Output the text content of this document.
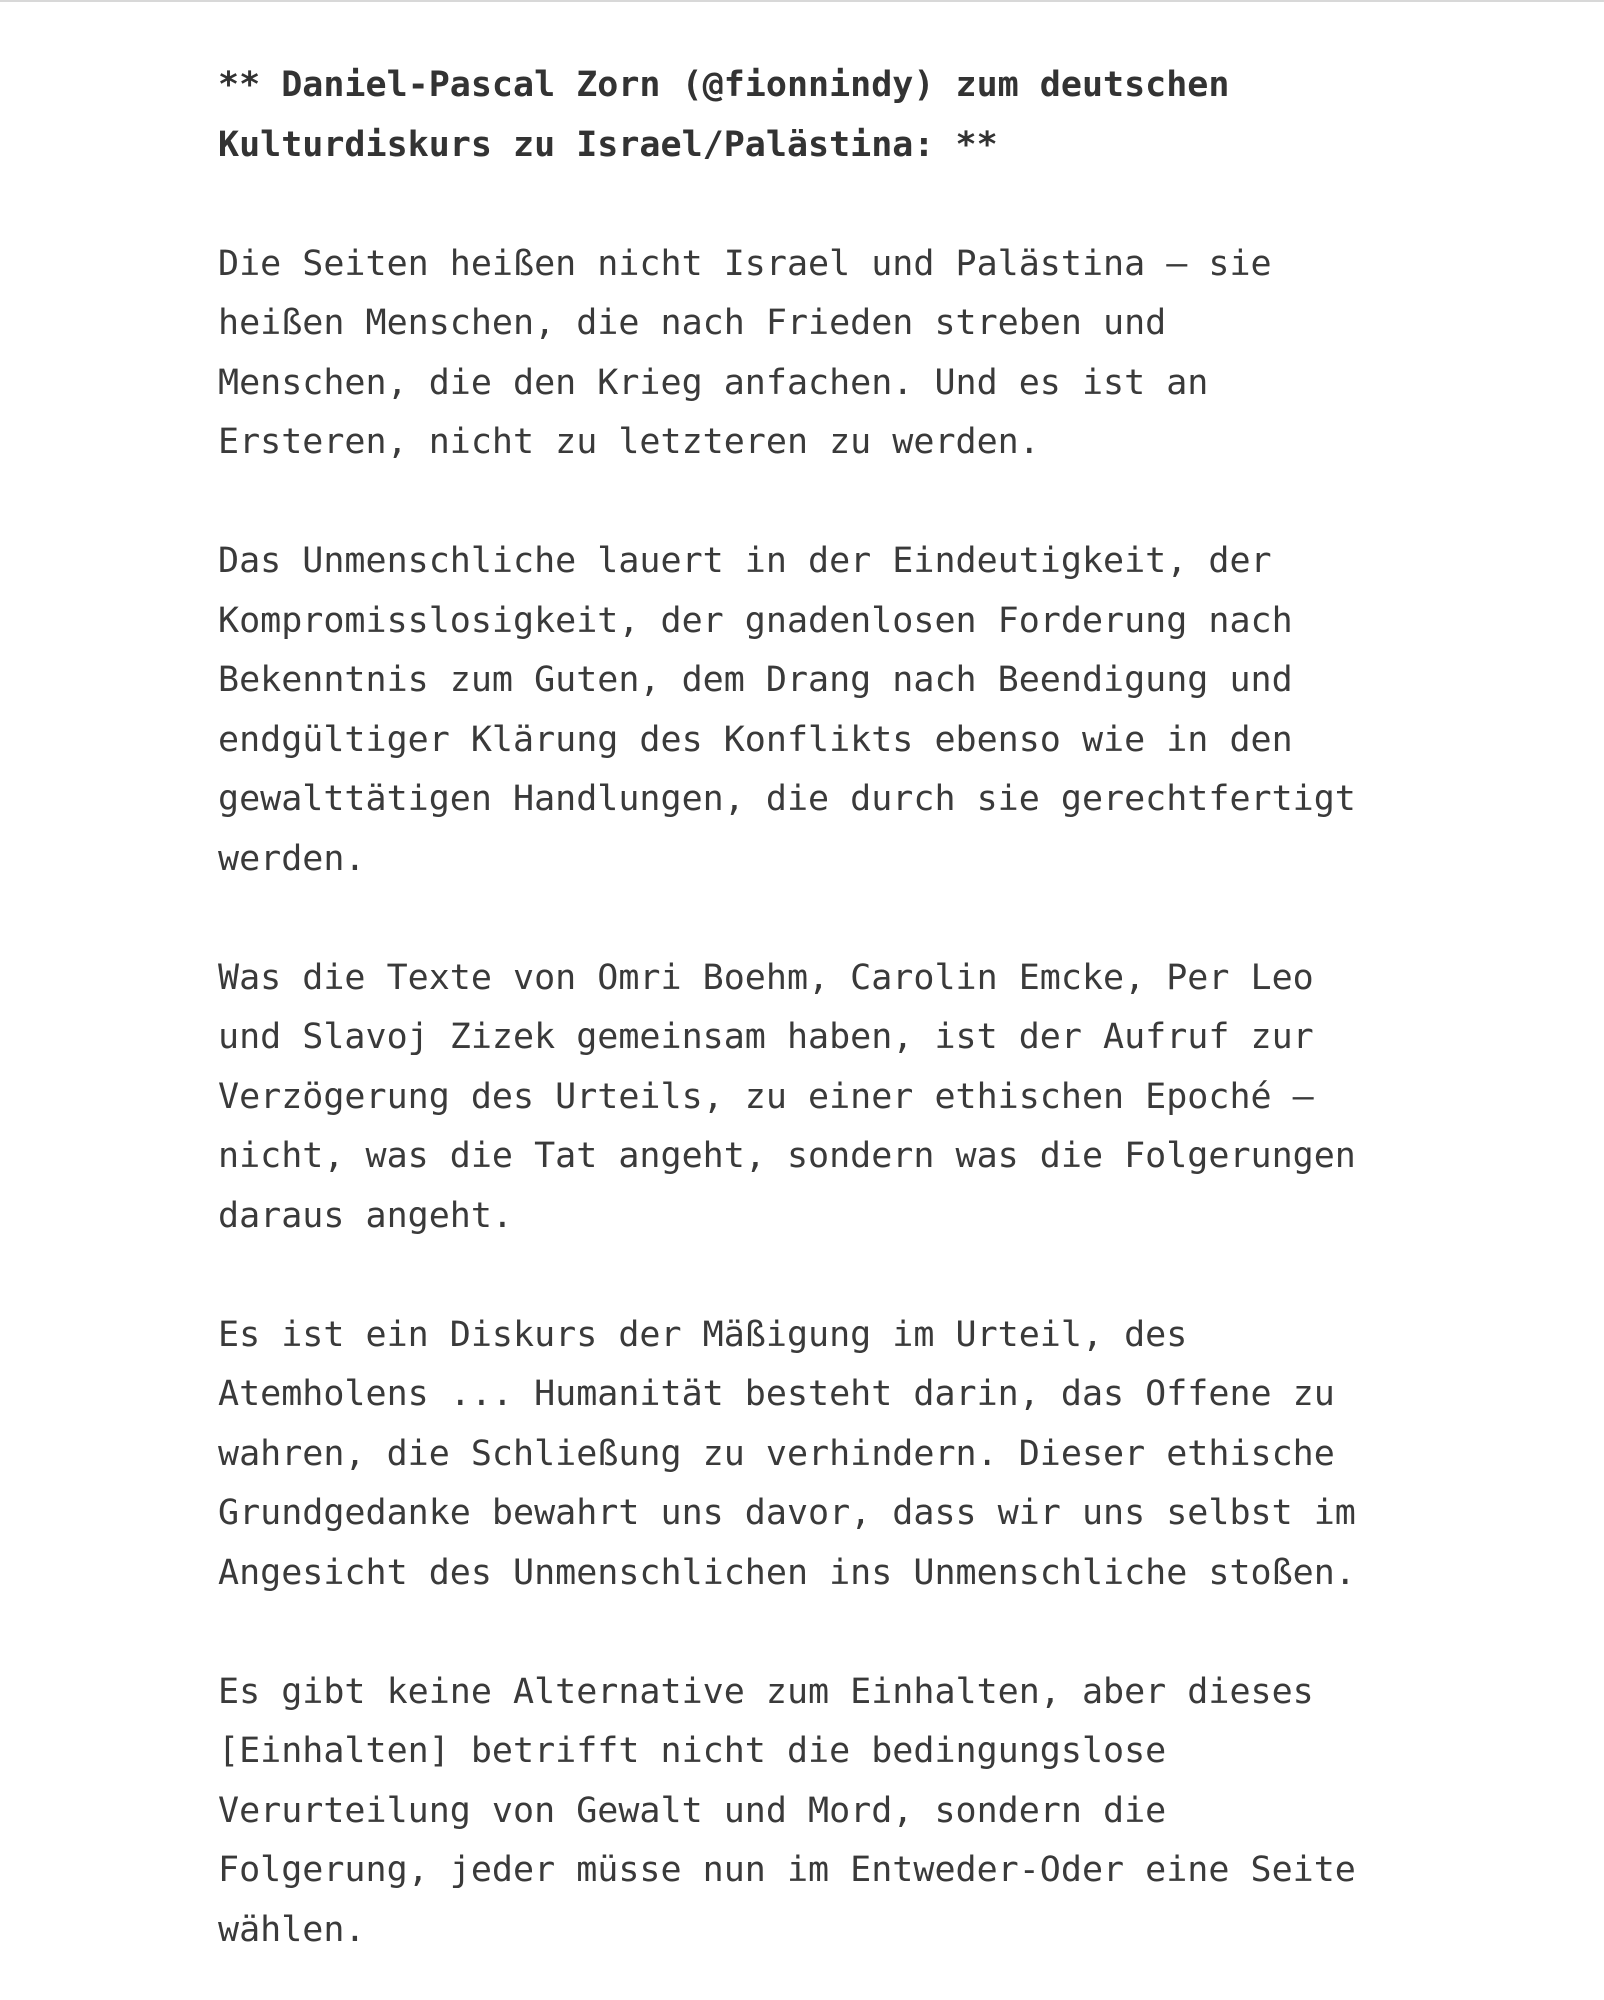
** Daniel-Pascal Zorn (@fionnindy) zum deutschen
Kulturdiskurs zu Israel/Palästina: **
Die Seiten heißen nicht Israel und Palästina – sie
heißen Menschen, die nach Frieden streben und
Menschen, die den Krieg anfachen. Und es ist an
Ersteren, nicht zu letzteren zu werden.
Das Unmenschliche lauert in der Eindeutigkeit, der
Kompromisslosigkeit, der gnadenlosen Forderung nach
Bekenntnis zum Guten, dem Drang nach Beendigung und
endgültiger Klärung des Konflikts ebenso wie in den
gewalttätigen Handlungen, die durch sie gerechtfertigt
werden.
Was die Texte von Omri Boehm, Carolin Emcke, Per Leo
und Slavoj Zizek gemeinsam haben, ist der Aufruf zur
Verzögerung des Urteils, zu einer ethischen Epoché –
nicht, was die Tat angeht, sondern was die Folgerungen
daraus angeht.
Es ist ein Diskurs der Mäßigung im Urteil, des
Atemholens ... Humanität besteht darin, das Offene zu
wahren, die Schließung zu verhindern. Dieser ethische
Grundgedanke bewahrt uns davor, dass wir uns selbst im
Angesicht des Unmenschlichen ins Unmenschliche stoßen.
Es gibt keine Alternative zum Einhalten, aber dieses
[Einhalten] betrifft nicht die bedingungslose
Verurteilung von Gewalt und Mord, sondern die
Folgerung, jeder müsse nun im Entweder-Oder eine Seite
wählen.
